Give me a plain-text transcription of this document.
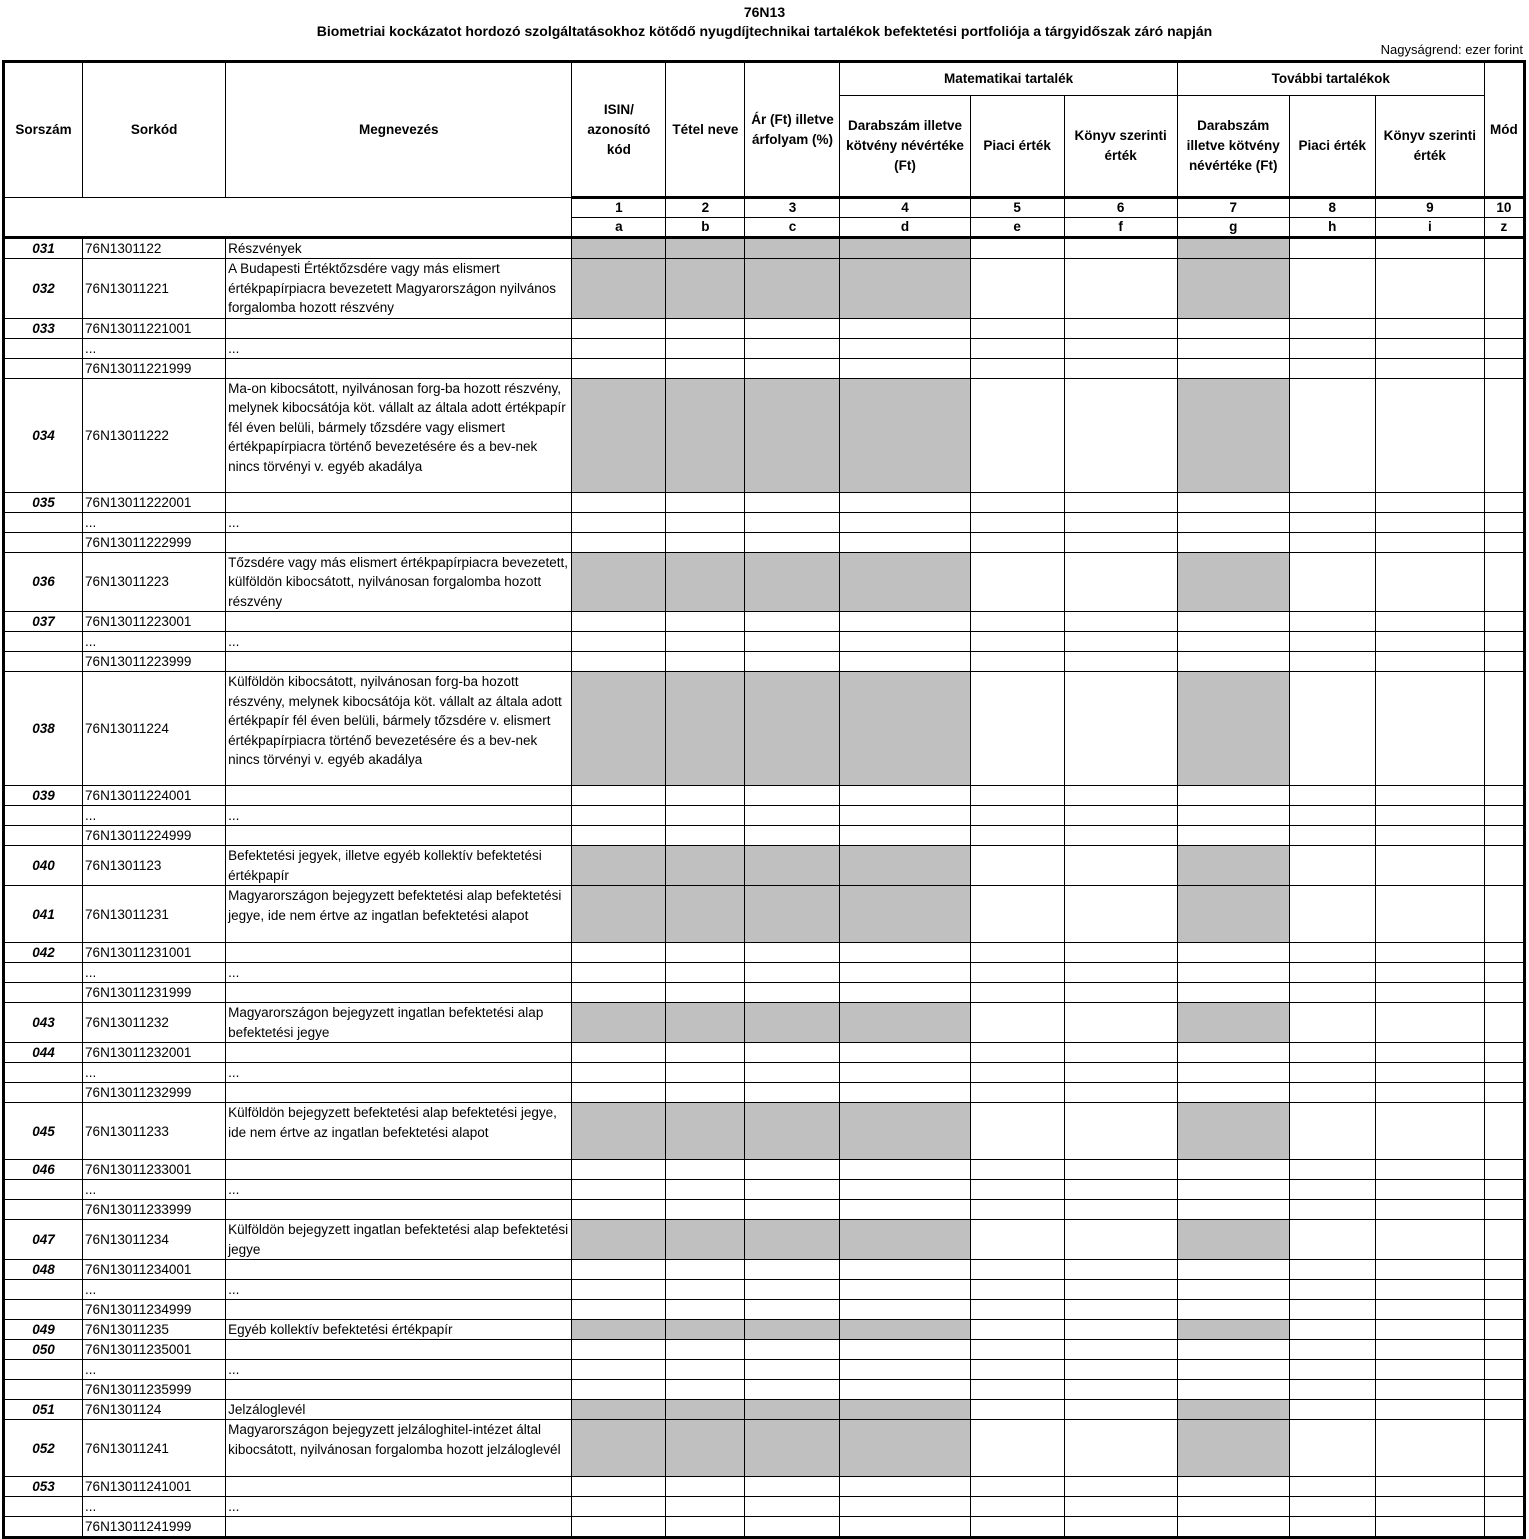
76N13
Biometriai kockázatot hordozó szolgáltatásokhoz kötődő nyugdíjtechnikai tartalékok befektetési portfoliója a tárgyidőszak záró napján
Nagyságrend: ezer forint
Sorszám	Sorkód	Megnevezés	ISIN/ azonosító kód	Tétel neve	Ár (Ft) illetve árfolyam (%)	Matematikai tartalék			További tartalékok			Mód
						Darabszám illetve kötvény névértéke (Ft)	Piaci érték	Könyv szerinti érték	Darabszám illetve kötvény névértéke (Ft)	Piaci érték	Könyv szerinti érték	
			1	2	3	4	5	6	7	8	9	10
			a	b	c	d	e	f	g	h	i	z
031	76N1301122	Részvények										
032	76N13011221	A Budapesti Értéktőzsdére vagy más elismert értékpapírpiacra bevezetett Magyarországon nyilvános forgalomba hozott részvény										
033	76N13011221001											
	...	...										
	76N13011221999											
034	76N13011222	Ma-on kibocsátott, nyilvánosan forg-ba hozott részvény, melynek kibocsátója köt. vállalt az általa adott értékpapír fél éven belüli, bármely tőzsdére vagy elismert értékpapírpiacra történő bevezetésére és a bev-nek nincs törvényi v. egyéb akadálya										
035	76N13011222001											
	...	...										
	76N13011222999											
036	76N13011223	Tőzsdére vagy más elismert értékpapírpiacra bevezetett, külföldön kibocsátott, nyilvánosan forgalomba hozott részvény										
037	76N13011223001											
	...	...										
	76N13011223999											
038	76N13011224	Külföldön kibocsátott, nyilvánosan forg-ba hozott részvény, melynek kibocsátója köt. vállalt az általa adott értékpapír fél éven belüli, bármely tőzsdére v. elismert értékpapírpiacra történő bevezetésére és a bev-nek nincs törvényi v. egyéb akadálya										
039	76N13011224001											
	...	...										
	76N13011224999											
040	76N1301123	Befektetési jegyek, illetve egyéb kollektív befektetési értékpapír										
041	76N13011231	Magyarországon bejegyzett befektetési alap befektetési jegye, ide nem értve az ingatlan befektetési alapot										
042	76N13011231001											
	...	...										
	76N13011231999											
043	76N13011232	Magyarországon bejegyzett ingatlan befektetési alap befektetési jegye										
044	76N13011232001											
	...	...										
	76N13011232999											
045	76N13011233	Külföldön bejegyzett befektetési alap befektetési jegye, ide nem értve az ingatlan befektetési alapot										
046	76N13011233001											
	...	...										
	76N13011233999											
047	76N13011234	Külföldön bejegyzett ingatlan befektetési alap befektetési jegye										
048	76N13011234001											
	...	...										
	76N13011234999											
049	76N13011235	Egyéb kollektív befektetési értékpapír										
050	76N13011235001											
	...	...										
	76N13011235999											
051	76N1301124	Jelzáloglevél										
052	76N13011241	Magyarországon bejegyzett jelzáloghitel-intézet által kibocsátott, nyilvánosan forgalomba hozott jelzáloglevél										
053	76N13011241001											
	...	...										
	76N13011241999											
